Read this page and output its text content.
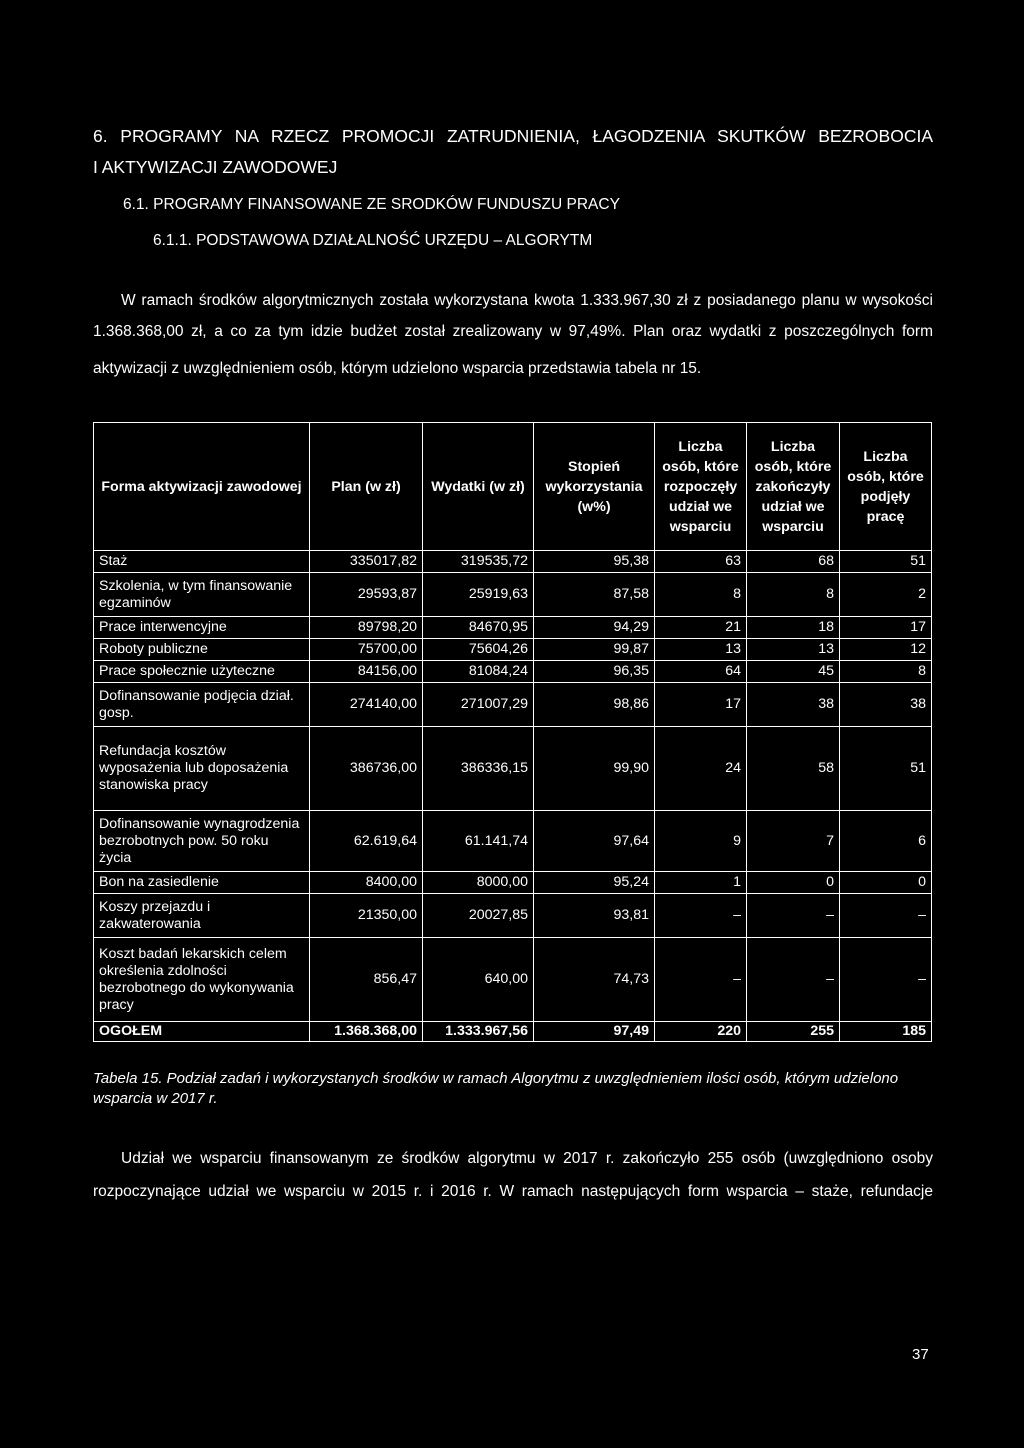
6. PROGRAMY NA RZECZ PROMOCJI ZATRUDNIENIA, ŁAGODZENIA SKUTKÓW BEZROBOCIA
I AKTYWIZACJI ZAWODOWEJ
6.1. PROGRAMY FINANSOWANE ZE SRODKÓW FUNDUSZU PRACY
6.1.1. PODSTAWOWA DZIAŁALNOŚĆ URZĘDU – ALGORYTM
W ramach środków algorytmicznych została wykorzystana kwota 1.333.967,30 zł z posiadanego planu w wysokości
1.368.368,00 zł, a co za tym idzie budżet został zrealizowany w 97,49%. Plan oraz wydatki z poszczególnych form
aktywizacji z uwzględnieniem osób, którym udzielono wsparcia przedstawia tabela nr 15.
Forma aktywizacji zawodowej	Plan (w zł)	Wydatki (w zł)	Stopień wykorzystania (w%)	Liczba osób, które rozpoczęły udział we wsparciu	Liczba osób, które zakończyły udział we wsparciu	Liczba osób, które podjęły pracę
Staż	335017,82	319535,72	95,38	63	68	51
Szkolenia, w tym finansowanie egzaminów	29593,87	25919,63	87,58	8	8	2
Prace interwencyjne	89798,20	84670,95	94,29	21	18	17
Roboty publiczne	75700,00	75604,26	99,87	13	13	12
Prace społecznie użyteczne	84156,00	81084,24	96,35	64	45	8
Dofinansowanie podjęcia dział. gosp.	274140,00	271007,29	98,86	17	38	38
Refundacja kosztów wyposażenia lub doposażenia stanowiska pracy	386736,00	386336,15	99,90	24	58	51
Dofinansowanie wynagrodzenia bezrobotnych pow. 50 roku życia	62.619,64	61.141,74	97,64	9	7	6
Bon na zasiedlenie	8400,00	8000,00	95,24	1	0	0
Koszy przejazdu i zakwaterowania	21350,00	20027,85	93,81	–	–	–
Koszt badań lekarskich celem określenia zdolności bezrobotnego do wykonywania pracy	856,47	640,00	74,73	–	–	–
OGOŁEM	1.368.368,00	1.333.967,56	97,49	220	255	185
Tabela 15. Podział zadań i wykorzystanych środków w ramach Algorytmu z uwzględnieniem ilości osób, którym udzielono wsparcia w 2017 r.
Udział we wsparciu finansowanym ze środków algorytmu w 2017 r. zakończyło 255 osób (uwzględniono osoby
rozpoczynające udział we wsparciu w 2015 r. i 2016 r. W ramach następujących form wsparcia – staże, refundacje
37
